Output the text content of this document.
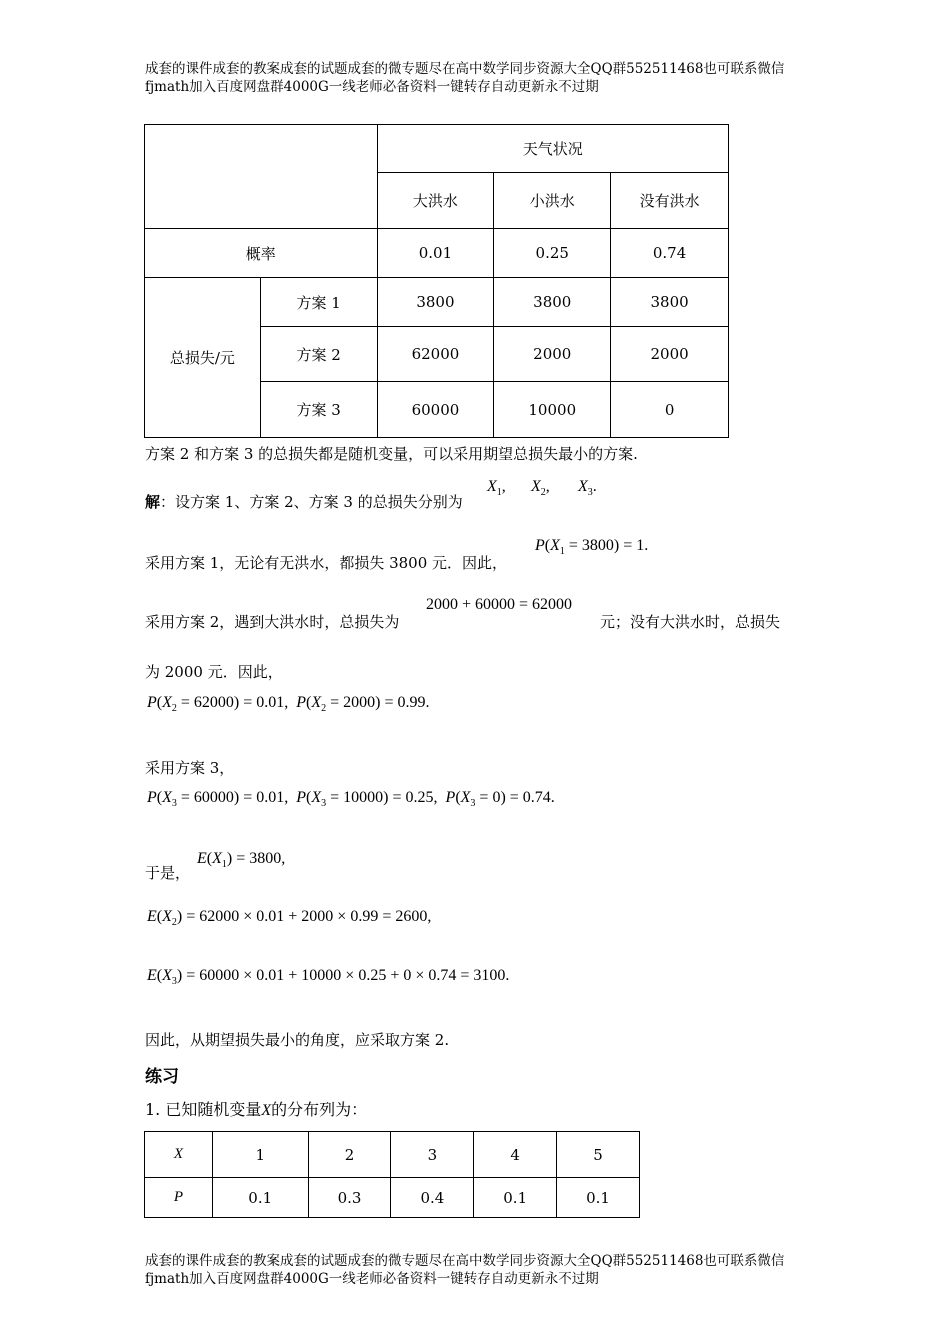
成套的课件成套的教案成套的试题成套的微专题尽在高中数学同步资源大全QQ群552511468也可联系微信fjmath加入百度网盘群4000G一线老师必备资料一键转存自动更新永不过期
		天气状况		
		大洪水	小洪水	没有洪水
概率		0.01	0.25	0.74
总损失/元	方案 1	3800	3800	3800
	方案 2	62000	2000	2000
	方案 3	60000	10000	0
方案 2 和方案 3 的总损失都是随机变量，可以采用期望总损失最小的方案.
解：设方案 1、方案 2、方案 3 的总损失分别为
$X_1$, $X_2$, $X_3$.
采用方案 1，无论有无洪水，都损失 3800 元．因此，
$P(X_1 = 3800) = 1$.
采用方案 2，遇到大洪水时，总损失为
2000 + 60000 = 62000
元；没有大洪水时，总损失
为 2000 元．因此，
$P(X_2 = 62000) = 0.01$,  $P(X_2 = 2000) = 0.99$.
采用方案 3，
$P(X_3 = 60000) = 0.01$,  $P(X_3 = 10000) = 0.25$,  $P(X_3 = 0) = 0.74$.
于是，
$E(X_1) = 3800$,
$E(X_2) = 62000 \times 0.01 + 2000 \times 0.99 = 2600$,
$E(X_3) = 60000 \times 0.01 + 10000 \times 0.25 + 0 \times 0.74 = 3100$.
因此，从期望损失最小的角度，应采取方案 2.
练习
1. 已知随机变量X的分布列为：
X	1	2	3	4	5
P	0.1	0.3	0.4	0.1	0.1
成套的课件成套的教案成套的试题成套的微专题尽在高中数学同步资源大全QQ群552511468也可联系微信fjmath加入百度网盘群4000G一线老师必备资料一键转存自动更新永不过期
